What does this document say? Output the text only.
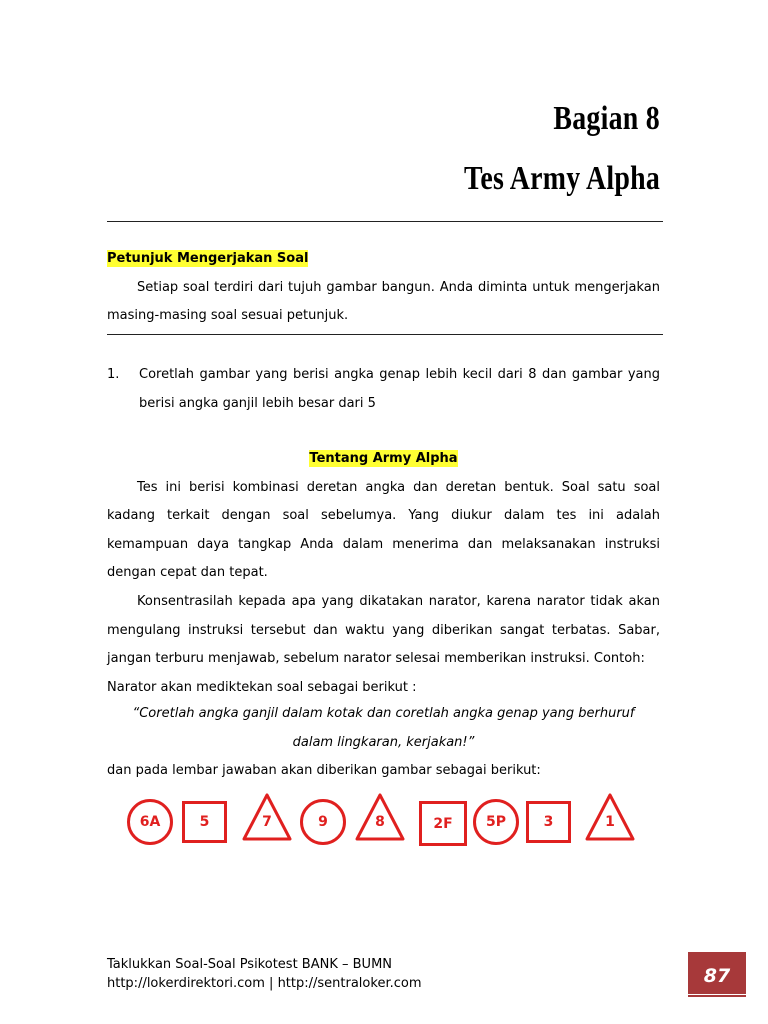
Bagian 8
Tes Army Alpha
Petunjuk Mengerjakan Soal
Setiap soal terdiri dari tujuh gambar bangun. Anda diminta untuk mengerjakan masing-masing soal sesuai petunjuk.
1. Coretlah gambar yang berisi angka genap lebih kecil dari 8 dan gambar yang berisi angka ganjil lebih besar dari 5
Tentang Army Alpha
Tes ini berisi kombinasi deretan angka dan deretan bentuk. Soal satu soal kadang terkait dengan soal sebelumya. Yang diukur dalam tes ini adalah kemampuan daya tangkap Anda dalam menerima dan melaksanakan instruksi dengan cepat dan tepat.
Konsentrasilah kepada apa yang dikatakan narator, karena narator tidak akan mengulang instruksi tersebut dan waktu yang diberikan sangat terbatas. Sabar, jangan terburu menjawab, sebelum narator selesai memberikan instruksi. Contoh:
Narator akan mediktekan soal sebagai berikut :
“Coretlah angka ganjil dalam kotak dan coretlah angka genap yang berhuruf
dalam lingkaran, kerjakan!”
dan pada lembar jawaban akan diberikan gambar sebagai berikut:
6A	5	7	9	8	2F 5P	3	1
Taklukkan Soal-Soal Psikotest BANK – BUMN
http://lokerdirektori.com | http://sentraloker.com	87
